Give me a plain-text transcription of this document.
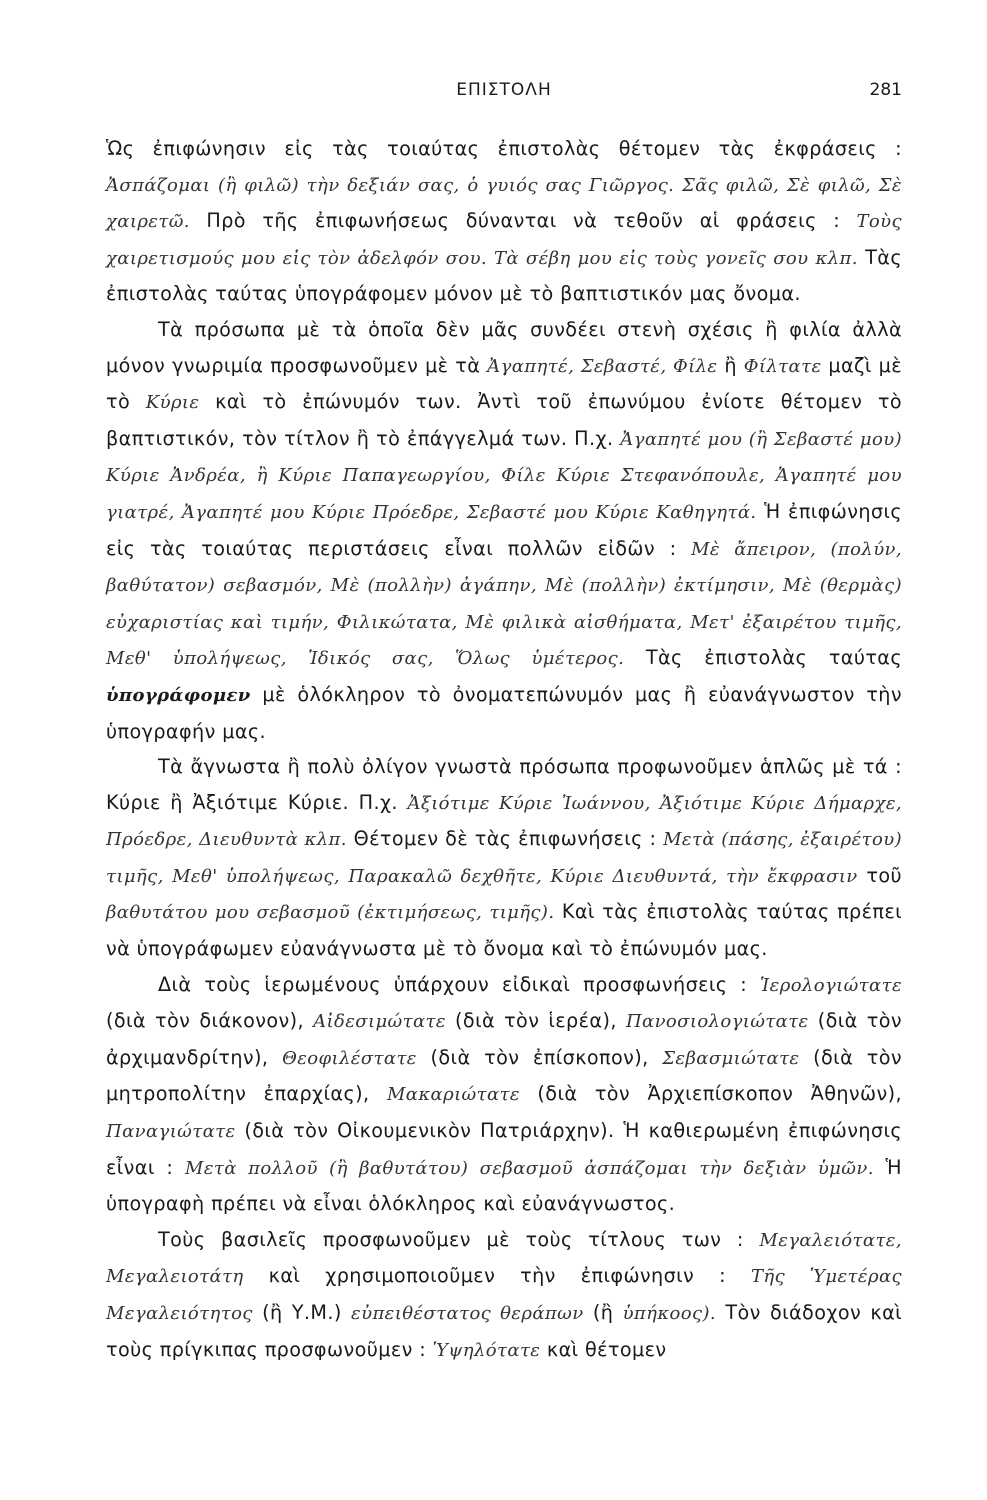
ΕΠΙΣΤΟΛΗ	281

Ὡς ἐπιφώνησιν εἰς τὰς τοιαύτας ἐπιστολὰς θέτομεν τὰς ἐκφράσεις : Ἀσπάζομαι (ἢ φιλῶ) τὴν δεξιάν σας, ὁ γυιός σας Γιῶργος. Σᾶς φιλῶ, Σὲ φιλῶ, Σὲ χαιρετῶ. Πρὸ τῆς ἐπιφωνήσεως δύνανται νὰ τεθοῦν αἱ φράσεις : Τοὺς χαιρετισμούς μου εἰς τὸν ἀδελφόν σου. Τὰ σέβη μου εἰς τοὺς γονεῖς σου κλπ. Τὰς ἐπιστολὰς ταύτας ὑπογράφομεν μόνον μὲ τὸ βαπτιστικόν μας ὄνομα.

Τὰ πρόσωπα μὲ τὰ ὁποῖα δὲν μᾶς συνδέει στενὴ σχέσις ἢ φιλία ἀλλὰ μόνον γνωριμία προσφωνοῦμεν μὲ τὰ Ἀγαπητέ, Σεβαστέ, Φίλε ἢ Φίλτατε μαζὶ μὲ τὸ Κύριε καὶ τὸ ἐπώνυμόν των. Ἀντὶ τοῦ ἐπωνύμου ἐνίοτε θέτομεν τὸ βαπτιστικόν, τὸν τίτλον ἢ τὸ ἐπάγγελμά των. Π.χ. Ἀγαπητέ μου (ἢ Σεβαστέ μου) Κύριε Ἀνδρέα, ἢ Κύριε Παπαγεωργίου, Φίλε Κύριε Στεφανόπουλε, Ἀγαπητέ μου γιατρέ, Ἀγαπητέ μου Κύριε Πρόεδρε, Σεβαστέ μου Κύριε Καθηγητά. Ἡ ἐπιφώνησις εἰς τὰς τοιαύτας περιστάσεις εἶναι πολλῶν εἰδῶν : Μὲ ἄπειρον, (πολύν, βαθύτατον) σεβασμόν, Μὲ (πολλὴν) ἀγάπην, Μὲ (πολλὴν) ἐκτίμησιν, Μὲ (θερμὰς) εὐχαριστίας καὶ τιμήν, Φιλικώτατα, Μὲ φιλικὰ αἰσθήματα, Μετ' ἐξαιρέτου τιμῆς, Μεθ' ὑπολήψεως, Ἰδικός σας, Ὅλως ὑμέτερος. Τὰς ἐπιστολὰς ταύτας ὑπογράφομεν μὲ ὁλόκληρον τὸ ὀνοματεπώνυμόν μας ἢ εὐανάγνωστον τὴν ὑπογραφήν μας.

Τὰ ἄγνωστα ἢ πολὺ ὀλίγον γνωστὰ πρόσωπα προφωνοῦμεν ἁπλῶς μὲ τά : Κύριε ἢ Ἀξιότιμε Κύριε. Π.χ. Ἀξιότιμε Κύριε Ἰωάννου, Ἀξιότιμε Κύριε Δήμαρχε, Πρόεδρε, Διευθυντὰ κλπ. Θέτομεν δὲ τὰς ἐπιφωνήσεις : Μετὰ (πάσης, ἐξαιρέτου) τιμῆς, Μεθ' ὑπολήψεως, Παρακαλῶ δεχθῆτε, Κύριε Διευθυντά, τὴν ἔκφρασιν τοῦ βαθυτάτου μου σεβασμοῦ (ἐκτιμήσεως, τιμῆς). Καὶ τὰς ἐπιστολὰς ταύτας πρέπει νὰ ὑπογράφωμεν εὐανάγνωστα μὲ τὸ ὄνομα καὶ τὸ ἐπώνυμόν μας.

Διὰ τοὺς ἱερωμένους ὑπάρχουν εἰδικαὶ προσφωνήσεις : Ἱερολογιώτατε (διὰ τὸν διάκονον), Αἰδεσιμώτατε (διὰ τὸν ἱερέα), Πανοσιολογιώτατε (διὰ τὸν ἀρχιμανδρίτην), Θεοφιλέστατε (διὰ τὸν ἐπίσκοπον), Σεβασμιώτατε (διὰ τὸν μητροπολίτην ἐπαρχίας), Μακαριώτατε (διὰ τὸν Ἀρχιεπίσκοπον Ἀθηνῶν), Παναγιώτατε (διὰ τὸν Οἰκουμενικὸν Πατριάρχην). Ἡ καθιερωμένη ἐπιφώνησις εἶναι : Μετὰ πολλοῦ (ἢ βαθυτάτου) σεβασμοῦ ἀσπάζομαι τὴν δεξιὰν ὑμῶν. Ἡ ὑπογραφὴ πρέπει νὰ εἶναι ὁλόκληρος καὶ εὐανάγνωστος.

Τοὺς βασιλεῖς προσφωνοῦμεν μὲ τοὺς τίτλους των : Μεγαλειότατε, Μεγαλειοτάτη καὶ χρησιμοποιοῦμεν τὴν ἐπιφώνησιν : Τῆς Ὑμετέρας Μεγαλειότητος (ἢ Υ.Μ.) εὐπειθέστατος θεράπων (ἢ ὑπήκοος). Τὸν διάδοχον καὶ τοὺς πρίγκιπας προσφωνοῦμεν : Ὑψηλότατε καὶ θέτομεν
